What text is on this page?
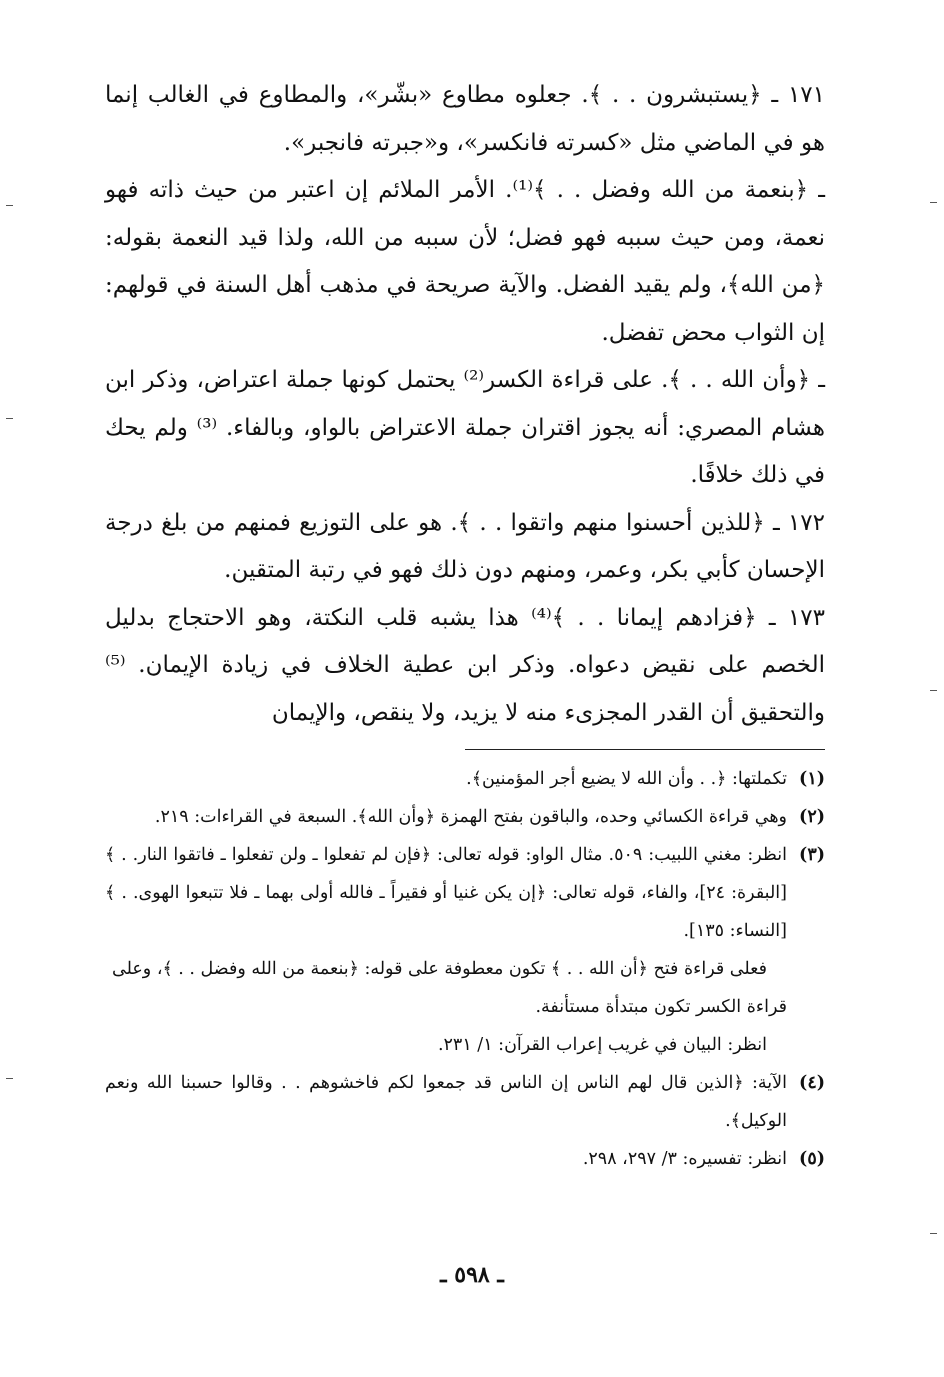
١٧١ ـ ﴿يستبشرون . . ﴾. جعلوه مطاوع «بشّر»، والمطاوع في الغالب إنما هو في الماضي مثل «كسرته فانكسر»، و«جبرته فانجبر».

ـ ﴿بنعمة من الله وفضل . . ﴾⁽¹⁾. الأمر الملائم إن اعتبر من حيث ذاته فهو نعمة، ومن حيث سببه فهو فضل؛ لأن سببه من الله، ولذا قيد النعمة بقوله: ﴿من الله﴾، ولم يقيد الفضل. والآية صريحة في مذهب أهل السنة في قولهم: إن الثواب محض تفضل.

ـ ﴿وأن الله . . ﴾. على قراءة الكسر⁽²⁾ يحتمل كونها جملة اعتراض، وذكر ابن هشام المصري: أنه يجوز اقتران جملة الاعتراض بالواو، وبالفاء. ⁽³⁾ ولم يحك في ذلك خلافًا.

١٧٢ ـ ﴿للذين أحسنوا منهم واتقوا . . ﴾. هو على التوزيع فمنهم من بلغ درجة الإحسان كأبي بكر، وعمر، ومنهم دون ذلك فهو في رتبة المتقين.

١٧٣ ـ ﴿فزادهم إيمانا . . ﴾⁽⁴⁾ هذا يشبه قلب النكتة، وهو الاحتجاج بدليل الخصم على نقيض دعواه. وذكر ابن عطية الخلاف في زيادة الإيمان. ⁽⁵⁾ والتحقيق أن القدر المجزىء منه لا يزيد، ولا ينقص، والإيمان

(١)
تكملتها: ﴿. . وأن الله لا يضيع أجر المؤمنين﴾.
(٢)
وهي قراءة الكسائي وحده، والباقون بفتح الهمزة ﴿وأن الله﴾. السبعة في القراءات: ٢١٩.
(٣)
انظر: مغني اللبيب: ٥٠٩. مثال الواو: قوله تعالى: ﴿فإن لم تفعلوا ـ ولن تفعلوا ـ فاتقوا النار. . ﴾ [البقرة: ٢٤]، والفاء، قوله تعالى: ﴿إن يكن غنيا أو فقيراً ـ فالله أولى بهما ـ فلا تتبعوا الهوى. . ﴾ [النساء: ١٣٥].
فعلى قراءة فتح ﴿أن الله . . ﴾ تكون معطوفة على قوله: ﴿بنعمة من الله وفضل . . ﴾، وعلى قراءة الكسر تكون مبتدأة مستأنفة.
انظر: البيان في غريب إعراب القرآن: ١/ ٢٣١.
(٤)
الآية: ﴿الذين قال لهم الناس إن الناس قد جمعوا لكم فاخشوهم . . وقالوا حسبنا الله ونعم الوكيل﴾.
(٥)
انظر: تفسيره: ٣/ ٢٩٧، ٢٩٨.
ـ ٥٩٨ ـ
